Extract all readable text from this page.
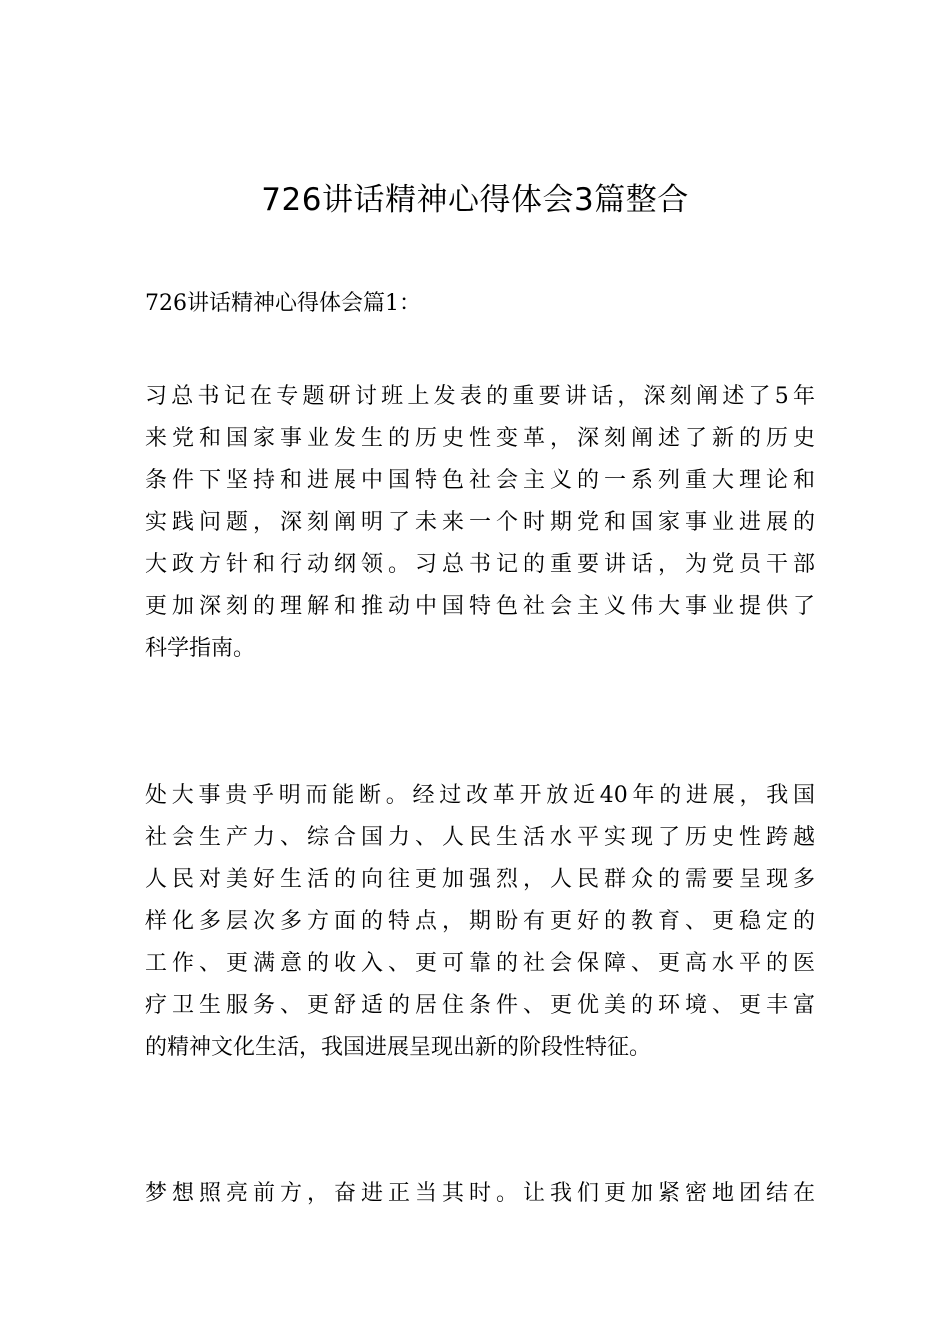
726讲话精神心得体会3篇整合

726讲话精神心得体会篇1：

习总书记在专题研讨班上发表的重要讲话，深刻阐述了5年
来党和国家事业发生的历史性变革，深刻阐述了新的历史
条件下坚持和进展中国特色社会主义的一系列重大理论和
实践问题，深刻阐明了未来一个时期党和国家事业进展的
大政方针和行动纲领。习总书记的重要讲话，为党员干部
更加深刻的理解和推动中国特色社会主义伟大事业提供了
科学指南。

处大事贵乎明而能断。经过改革开放近40年的进展，我国
社会生产力、综合国力、人民生活水平实现了历史性跨越
人民对美好生活的向往更加强烈，人民群众的需要呈现多
样化多层次多方面的特点，期盼有更好的教育、更稳定的
工作、更满意的收入、更可靠的社会保障、更高水平的医
疗卫生服务、更舒适的居住条件、更优美的环境、更丰富
的精神文化生活，我国进展呈现出新的阶段性特征。

梦想照亮前方，奋进正当其时。让我们更加紧密地团结在
